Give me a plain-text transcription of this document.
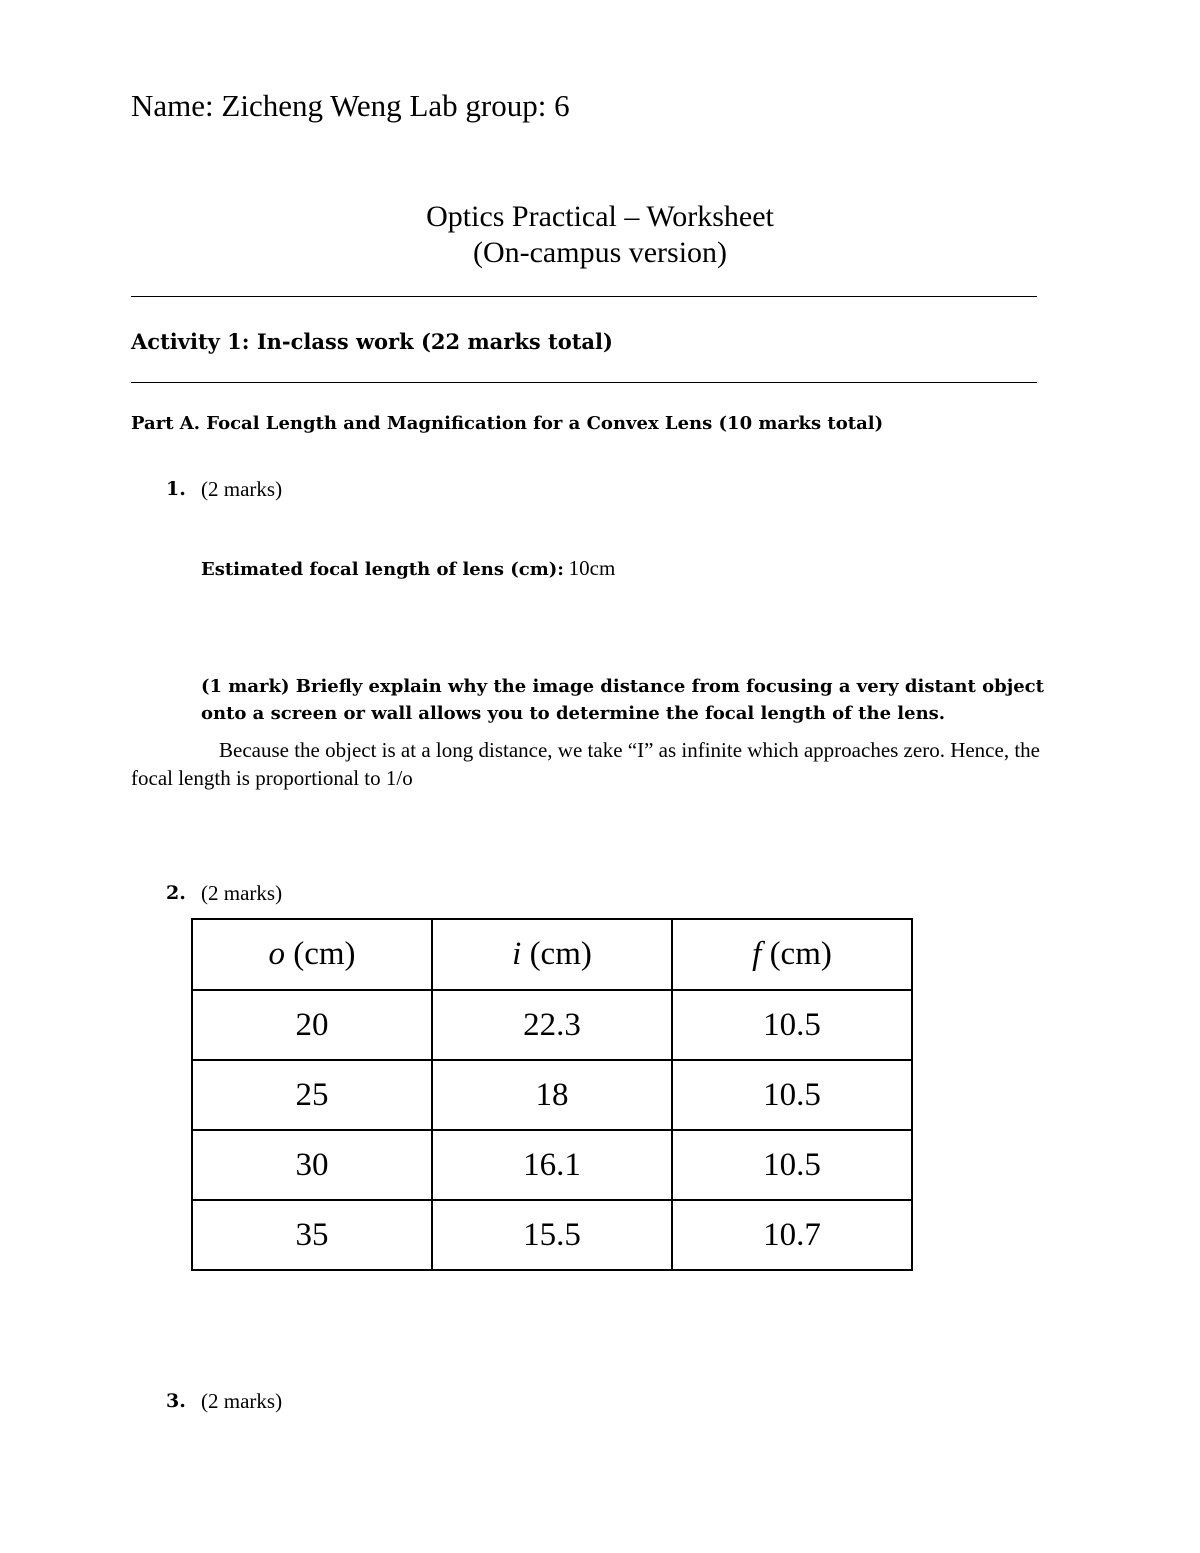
Name: Zicheng Weng Lab group: 6
Optics Practical – Worksheet
(On-campus version)
Activity 1: In-class work (22 marks total)
Part A. Focal Length and Magnification for a Convex Lens (10 marks total)
1. (2 marks)
Estimated focal length of lens (cm): 10cm
(1 mark) Briefly explain why the image distance from focusing a very distant object onto a screen or wall allows you to determine the focal length of the lens.
Because the object is at a long distance, we take “I” as infinite which approaches zero. Hence, the focal length is proportional to 1/o
2. (2 marks)
o (cm)	i (cm)	f (cm)
20	22.3	10.5
25	18	10.5
30	16.1	10.5
35	15.5	10.7
3. (2 marks)
